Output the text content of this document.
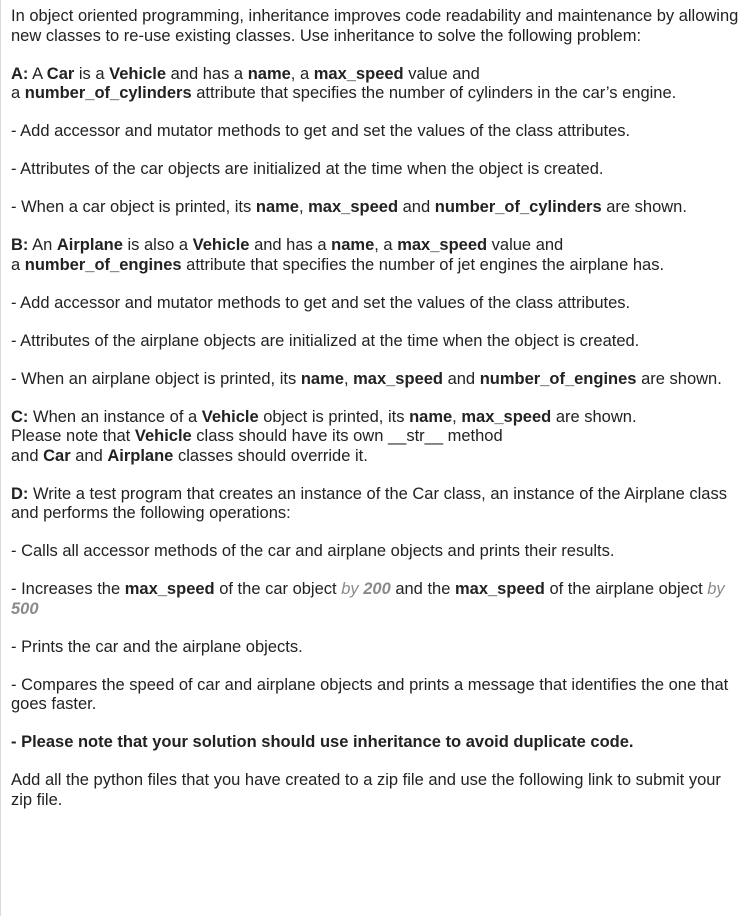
In object oriented programming, inheritance improves code readability and maintenance by allowing new classes to re-use existing classes. Use inheritance to solve the following problem:

A: A Car is a Vehicle and has a name, a max_speed value and
a number_of_cylinders attribute that specifies the number of cylinders in the car’s engine.

- Add accessor and mutator methods to get and set the values of the class attributes.

- Attributes of the car objects are initialized at the time when the object is created.

- When a car object is printed, its name, max_speed and number_of_cylinders are shown.

B: An Airplane is also a Vehicle and has a name, a max_speed value and
a number_of_engines attribute that specifies the number of jet engines the airplane has.

- Add accessor and mutator methods to get and set the values of the class attributes.

- Attributes of the airplane objects are initialized at the time when the object is created.

- When an airplane object is printed, its name, max_speed and number_of_engines are shown.

C: When an instance of a Vehicle object is printed, its name, max_speed are shown.
Please note that Vehicle class should have its own __str__ method
and Car and Airplane classes should override it.

D: Write a test program that creates an instance of the Car class, an instance of the Airplane class and performs the following operations:

- Calls all accessor methods of the car and airplane objects and prints their results.

- Increases the max_speed of the car object by 200 and the max_speed of the airplane object by 500

- Prints the car and the airplane objects.

- Compares the speed of car and airplane objects and prints a message that identifies the one that goes faster.

- Please note that your solution should use inheritance to avoid duplicate code.

Add all the python files that you have created to a zip file and use the following link to submit your zip file.
